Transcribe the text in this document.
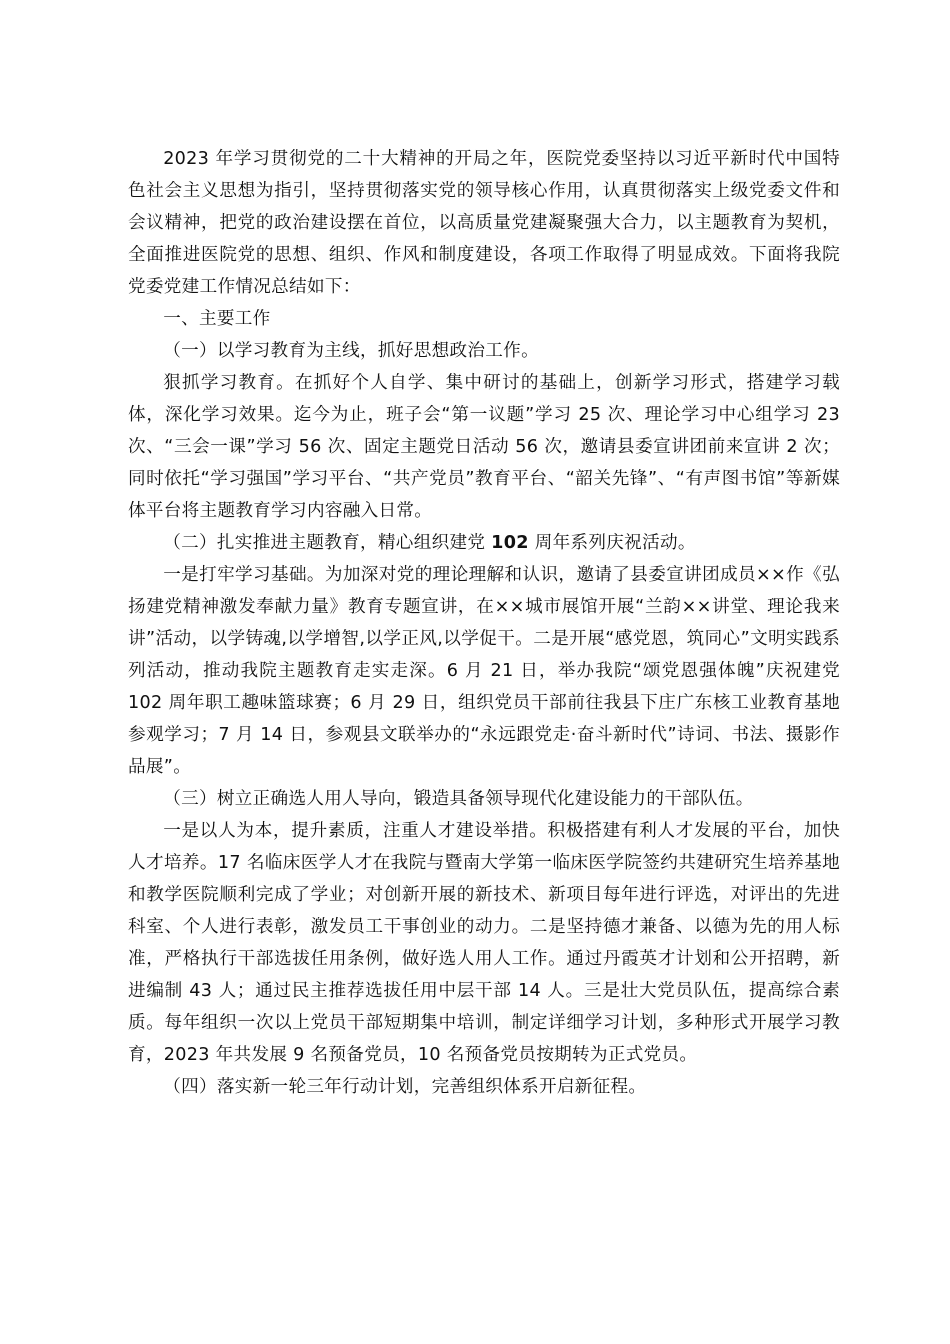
2023 年学习贯彻党的二十大精神的开局之年，医院党委坚持以习近平新时代中国特色社会主义思想为指引，坚持贯彻落实党的领导核心作用，认真贯彻落实上级党委文件和会议精神，把党的政治建设摆在首位，以高质量党建凝聚强大合力，以主题教育为契机，全面推进医院党的思想、组织、作风和制度建设，各项工作取得了明显成效。下面将我院党委党建工作情况总结如下：

一、主要工作

（一）以学习教育为主线，抓好思想政治工作。

狠抓学习教育。在抓好个人自学、集中研讨的基础上，创新学习形式，搭建学习载体，深化学习效果。迄今为止，班子会“第一议题”学习 25 次、理论学习中心组学习 23 次、“三会一课”学习 56 次、固定主题党日活动 56 次，邀请县委宣讲团前来宣讲 2 次；同时依托“学习强国”学习平台、“共产党员”教育平台、“韶关先锋”、“有声图书馆”等新媒体平台将主题教育学习内容融入日常。

（二）扎实推进主题教育，精心组织建党 102 周年系列庆祝活动。

一是打牢学习基础。为加深对党的理论理解和认识，邀请了县委宣讲团成员××作《弘扬建党精神激发奉献力量》教育专题宣讲，在××城市展馆开展“兰韵××讲堂、理论我来讲”活动，以学铸魂,以学增智,以学正风,以学促干。二是开展“感党恩，筑同心”文明实践系列活动，推动我院主题教育走实走深。6 月 21 日，举办我院“颂党恩强体魄”庆祝建党 102 周年职工趣味篮球赛；6 月 29 日，组织党员干部前往我县下庄广东核工业教育基地参观学习；7 月 14 日，参观县文联举办的“永远跟党走·奋斗新时代”诗词、书法、摄影作品展”。

（三）树立正确选人用人导向，锻造具备领导现代化建设能力的干部队伍。

一是以人为本，提升素质，注重人才建设举措。积极搭建有利人才发展的平台，加快人才培养。17 名临床医学人才在我院与暨南大学第一临床医学院签约共建研究生培养基地和教学医院顺利完成了学业；对创新开展的新技术、新项目每年进行评选，对评出的先进科室、个人进行表彰，激发员工干事创业的动力。二是坚持德才兼备、以德为先的用人标准，严格执行干部选拔任用条例，做好选人用人工作。通过丹霞英才计划和公开招聘，新进编制 43 人；通过民主推荐选拔任用中层干部 14 人。三是壮大党员队伍，提高综合素质。每年组织一次以上党员干部短期集中培训，制定详细学习计划，多种形式开展学习教育，2023 年共发展 9 名预备党员，10 名预备党员按期转为正式党员。

（四）落实新一轮三年行动计划，完善组织体系开启新征程。
